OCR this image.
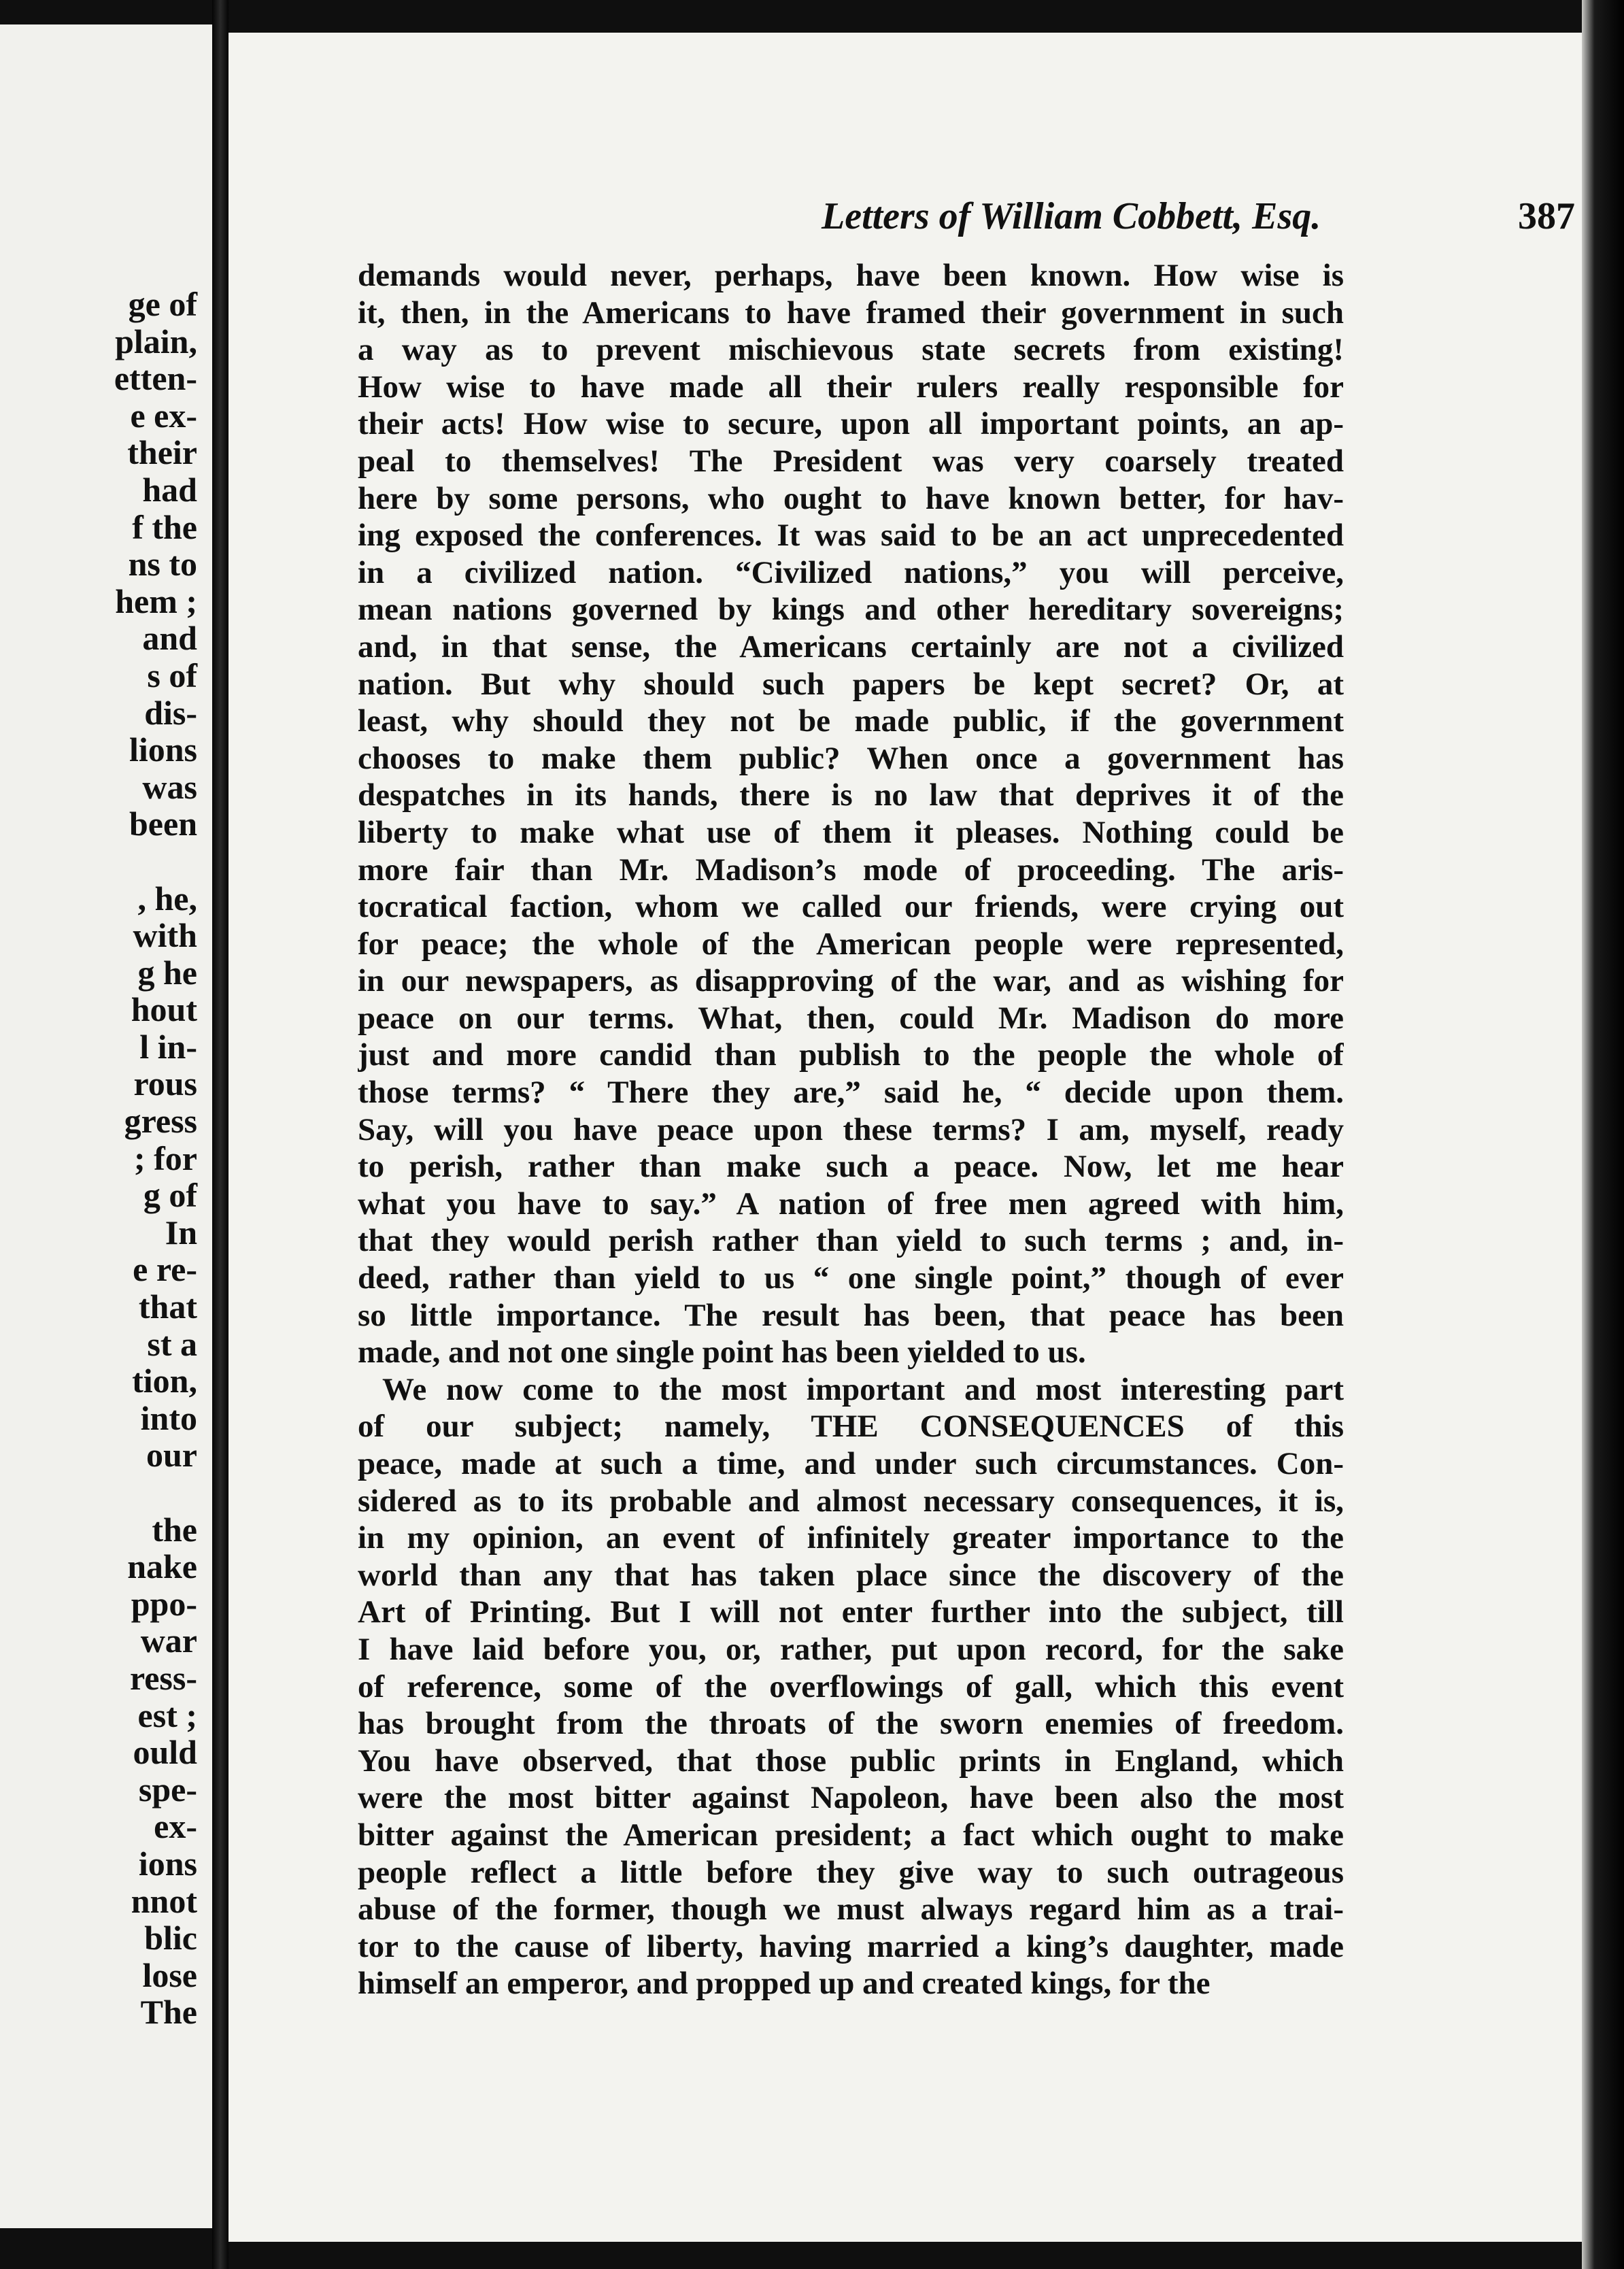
ge of
plain,
etten-
e ex-
their
had
f the
ns to
hem ;
and
s of
dis-
lions
was
been
, he,
with
g he
hout
l in-
rous
gress
; for
g of
In
e re-
that
st a
tion,
into
our
the
nake
ppo-
war
ress-
est ;
ould
spe-
ex-
ions
nnot
blic
lose
The
Letters of William Cobbett, Esq.	387
demands would never, perhaps, have been known. How wise is
it, then, in the Americans to have framed their government in such
a way as to prevent mischievous state secrets from existing!
How wise to have made all their rulers really responsible for
their acts! How wise to secure, upon all important points, an ap-
peal to themselves! The President was very coarsely treated
here by some persons, who ought to have known better, for hav-
ing exposed the conferences. It was said to be an act unprecedented
in a civilized nation. “Civilized nations,” you will perceive,
mean nations governed by kings and other hereditary sovereigns;
and, in that sense, the Americans certainly are not a civilized
nation. But why should such papers be kept secret? Or, at
least, why should they not be made public, if the government
chooses to make them public? When once a government has
despatches in its hands, there is no law that deprives it of the
liberty to make what use of them it pleases. Nothing could be
more fair than Mr. Madison’s mode of proceeding. The aris-
tocratical faction, whom we called our friends, were crying out
for peace; the whole of the American people were represented,
in our newspapers, as disapproving of the war, and as wishing for
peace on our terms. What, then, could Mr. Madison do more
just and more candid than publish to the people the whole of
those terms? “ There they are,” said he, “ decide upon them.
Say, will you have peace upon these terms? I am, myself, ready
to perish, rather than make such a peace. Now, let me hear
what you have to say.” A nation of free men agreed with him,
that they would perish rather than yield to such terms ; and, in-
deed, rather than yield to us “ one single point,” though of ever
so little importance. The result has been, that peace has been
made, and not one single point has been yielded to us.
We now come to the most important and most interesting part
of our subject; namely, THE CONSEQUENCES of this
peace, made at such a time, and under such circumstances. Con-
sidered as to its probable and almost necessary consequences, it is,
in my opinion, an event of infinitely greater importance to the
world than any that has taken place since the discovery of the
Art of Printing. But I will not enter further into the subject, till
I have laid before you, or, rather, put upon record, for the sake
of reference, some of the overflowings of gall, which this event
has brought from the throats of the sworn enemies of freedom.
You have observed, that those public prints in England, which
were the most bitter against Napoleon, have been also the most
bitter against the American president; a fact which ought to make
people reflect a little before they give way to such outrageous
abuse of the former, though we must always regard him as a trai-
tor to the cause of liberty, having married a king’s daughter, made
himself an emperor, and propped up and created kings, for the
